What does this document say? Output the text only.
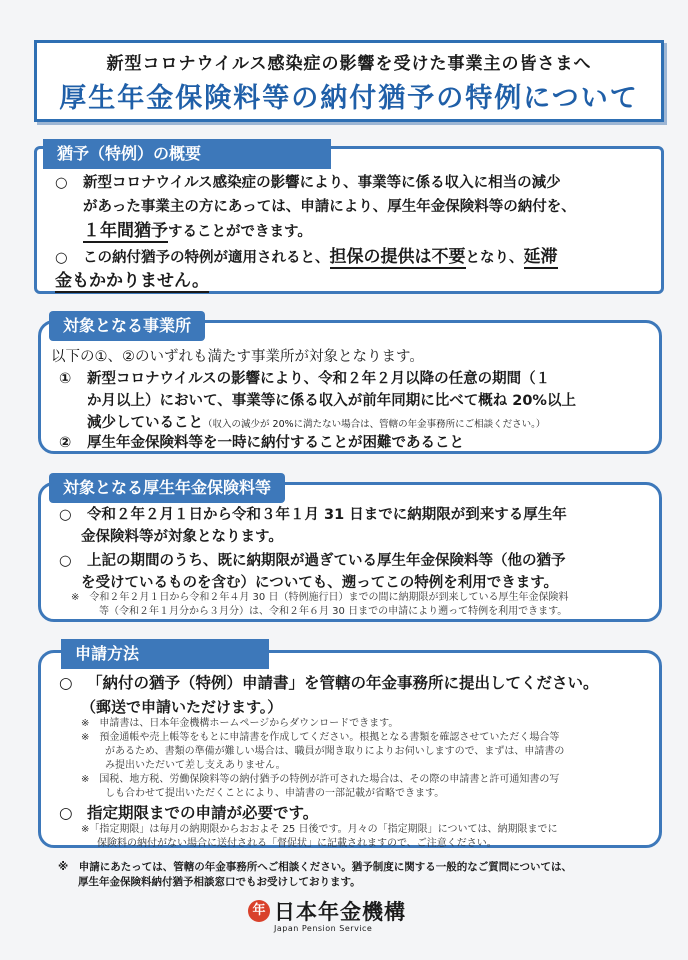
新型コロナウイルス感染症の影響を受けた事業主の皆さまへ
厚生年金保険料等の納付猶予の特例について
猶予（特例）の概要
○ 新型コロナウイルス感染症の影響により、事業等に係る収入に相当の減少
があった事業主の方にあっては、申請により、厚生年金保険料等の納付を、
１年間猶予することができます。
○ この納付猶予の特例が適用されると、担保の提供は不要となり、延滞
金もかかりません。
対象となる事業所
以下の①、②のいずれも満たす事業所が対象となります。
① 新型コロナウイルスの影響により、令和２年２月以降の任意の期間（１
か月以上）において、事業等に係る収入が前年同期に比べて概ね 20%以上
減少していること（収入の減少が 20%に満たない場合は、管轄の年金事務所にご相談ください。）
② 厚生年金保険料等を一時に納付することが困難であること
対象となる厚生年金保険料等
○ 令和２年２月１日から令和３年１月 31 日までに納期限が到来する厚生年
金保険料等が対象となります。
○ 上記の期間のうち、既に納期限が過ぎている厚生年金保険料等（他の猶予
を受けているものを含む）についても、遡ってこの特例を利用できます。
※　令和２年２月１日から令和２年４月 30 日（特例施行日）までの間に納期限が到来している厚生年金保険料
等（令和２年１月分から３月分）は、令和２年６月 30 日までの申請により遡って特例を利用できます。
申請方法
○ 「納付の猶予（特例）申請書」を管轄の年金事務所に提出してください。
（郵送で申請いただけます。）
※　申請書は、日本年金機構ホームページからダウンロードできます。
※　預金通帳や売上帳等をもとに申請書を作成してください。根拠となる書類を確認させていただく場合等
があるため、書類の準備が難しい場合は、職員が聞き取りによりお伺いしますので、まずは、申請書の
み提出いただいて差し支えありません。
※　国税、地方税、労働保険料等の納付猶予の特例が許可された場合は、その際の申請書と許可通知書の写
しも合わせて提出いただくことにより、申請書の一部記載が省略できます。
○ 指定期限までの申請が必要です。
※「指定期限」は毎月の納期限からおおよそ 25 日後です。月々の「指定期限」については、納期限までに
保険料の納付がない場合に送付される「督促状」に記載されますので、ご注意ください。
※　申請にあたっては、管轄の年金事務所へご相談ください。猶予制度に関する一般的なご質問については、
厚生年金保険料納付猶予相談窓口でもお受けしております。
年 日本年金機構
Japan Pension Service
